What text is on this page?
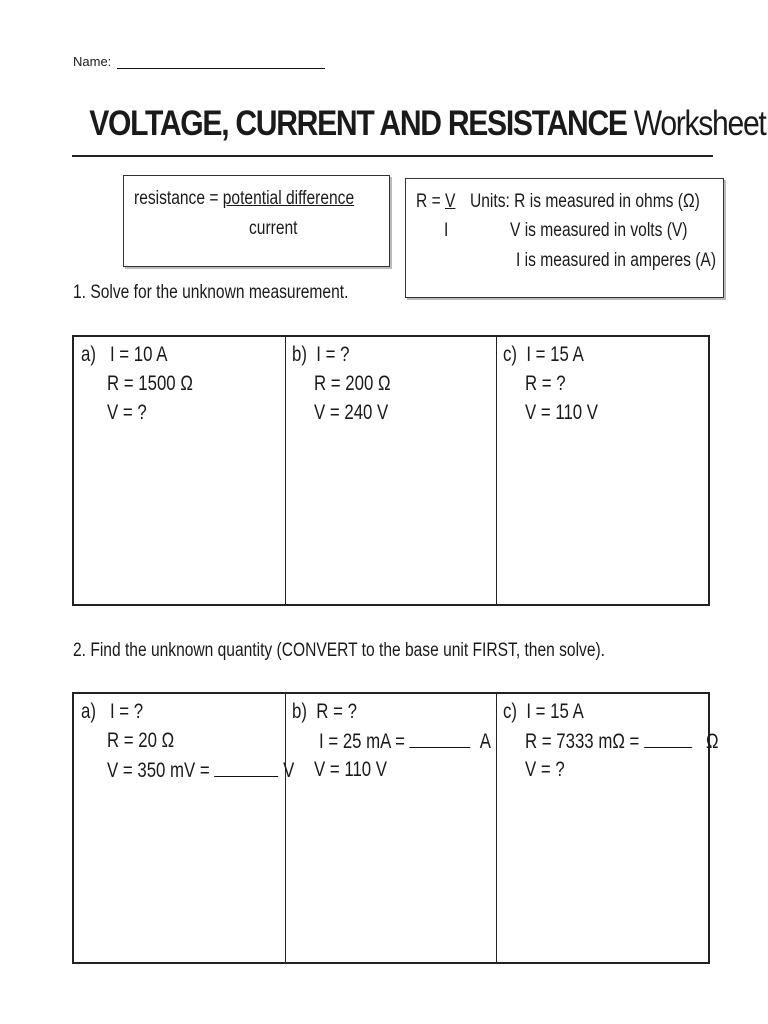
Name:
VOLTAGE, CURRENT AND RESISTANCE Worksheet
resistance = potential difference
current
R = V
I
Units: R is measured in ohms (Ω)
V is measured in volts (V)
I is measured in amperes (A)
1. Solve for the unknown measurement.
a) I = 10 A
R = 1500 Ω
V = ?
b) I = ?
R = 200 Ω
V = 240 V
c) I = 15 A
R = ?
V = 110 V
2. Find the unknown quantity (CONVERT to the base unit FIRST, then solve).
a) I = ?
R = 20 Ω
V = 350 mV =	V
b) R = ?
I = 25 mA =	A
V = 110 V
c) I = 15 A
R = 7333 mΩ =	Ω
V = ?
